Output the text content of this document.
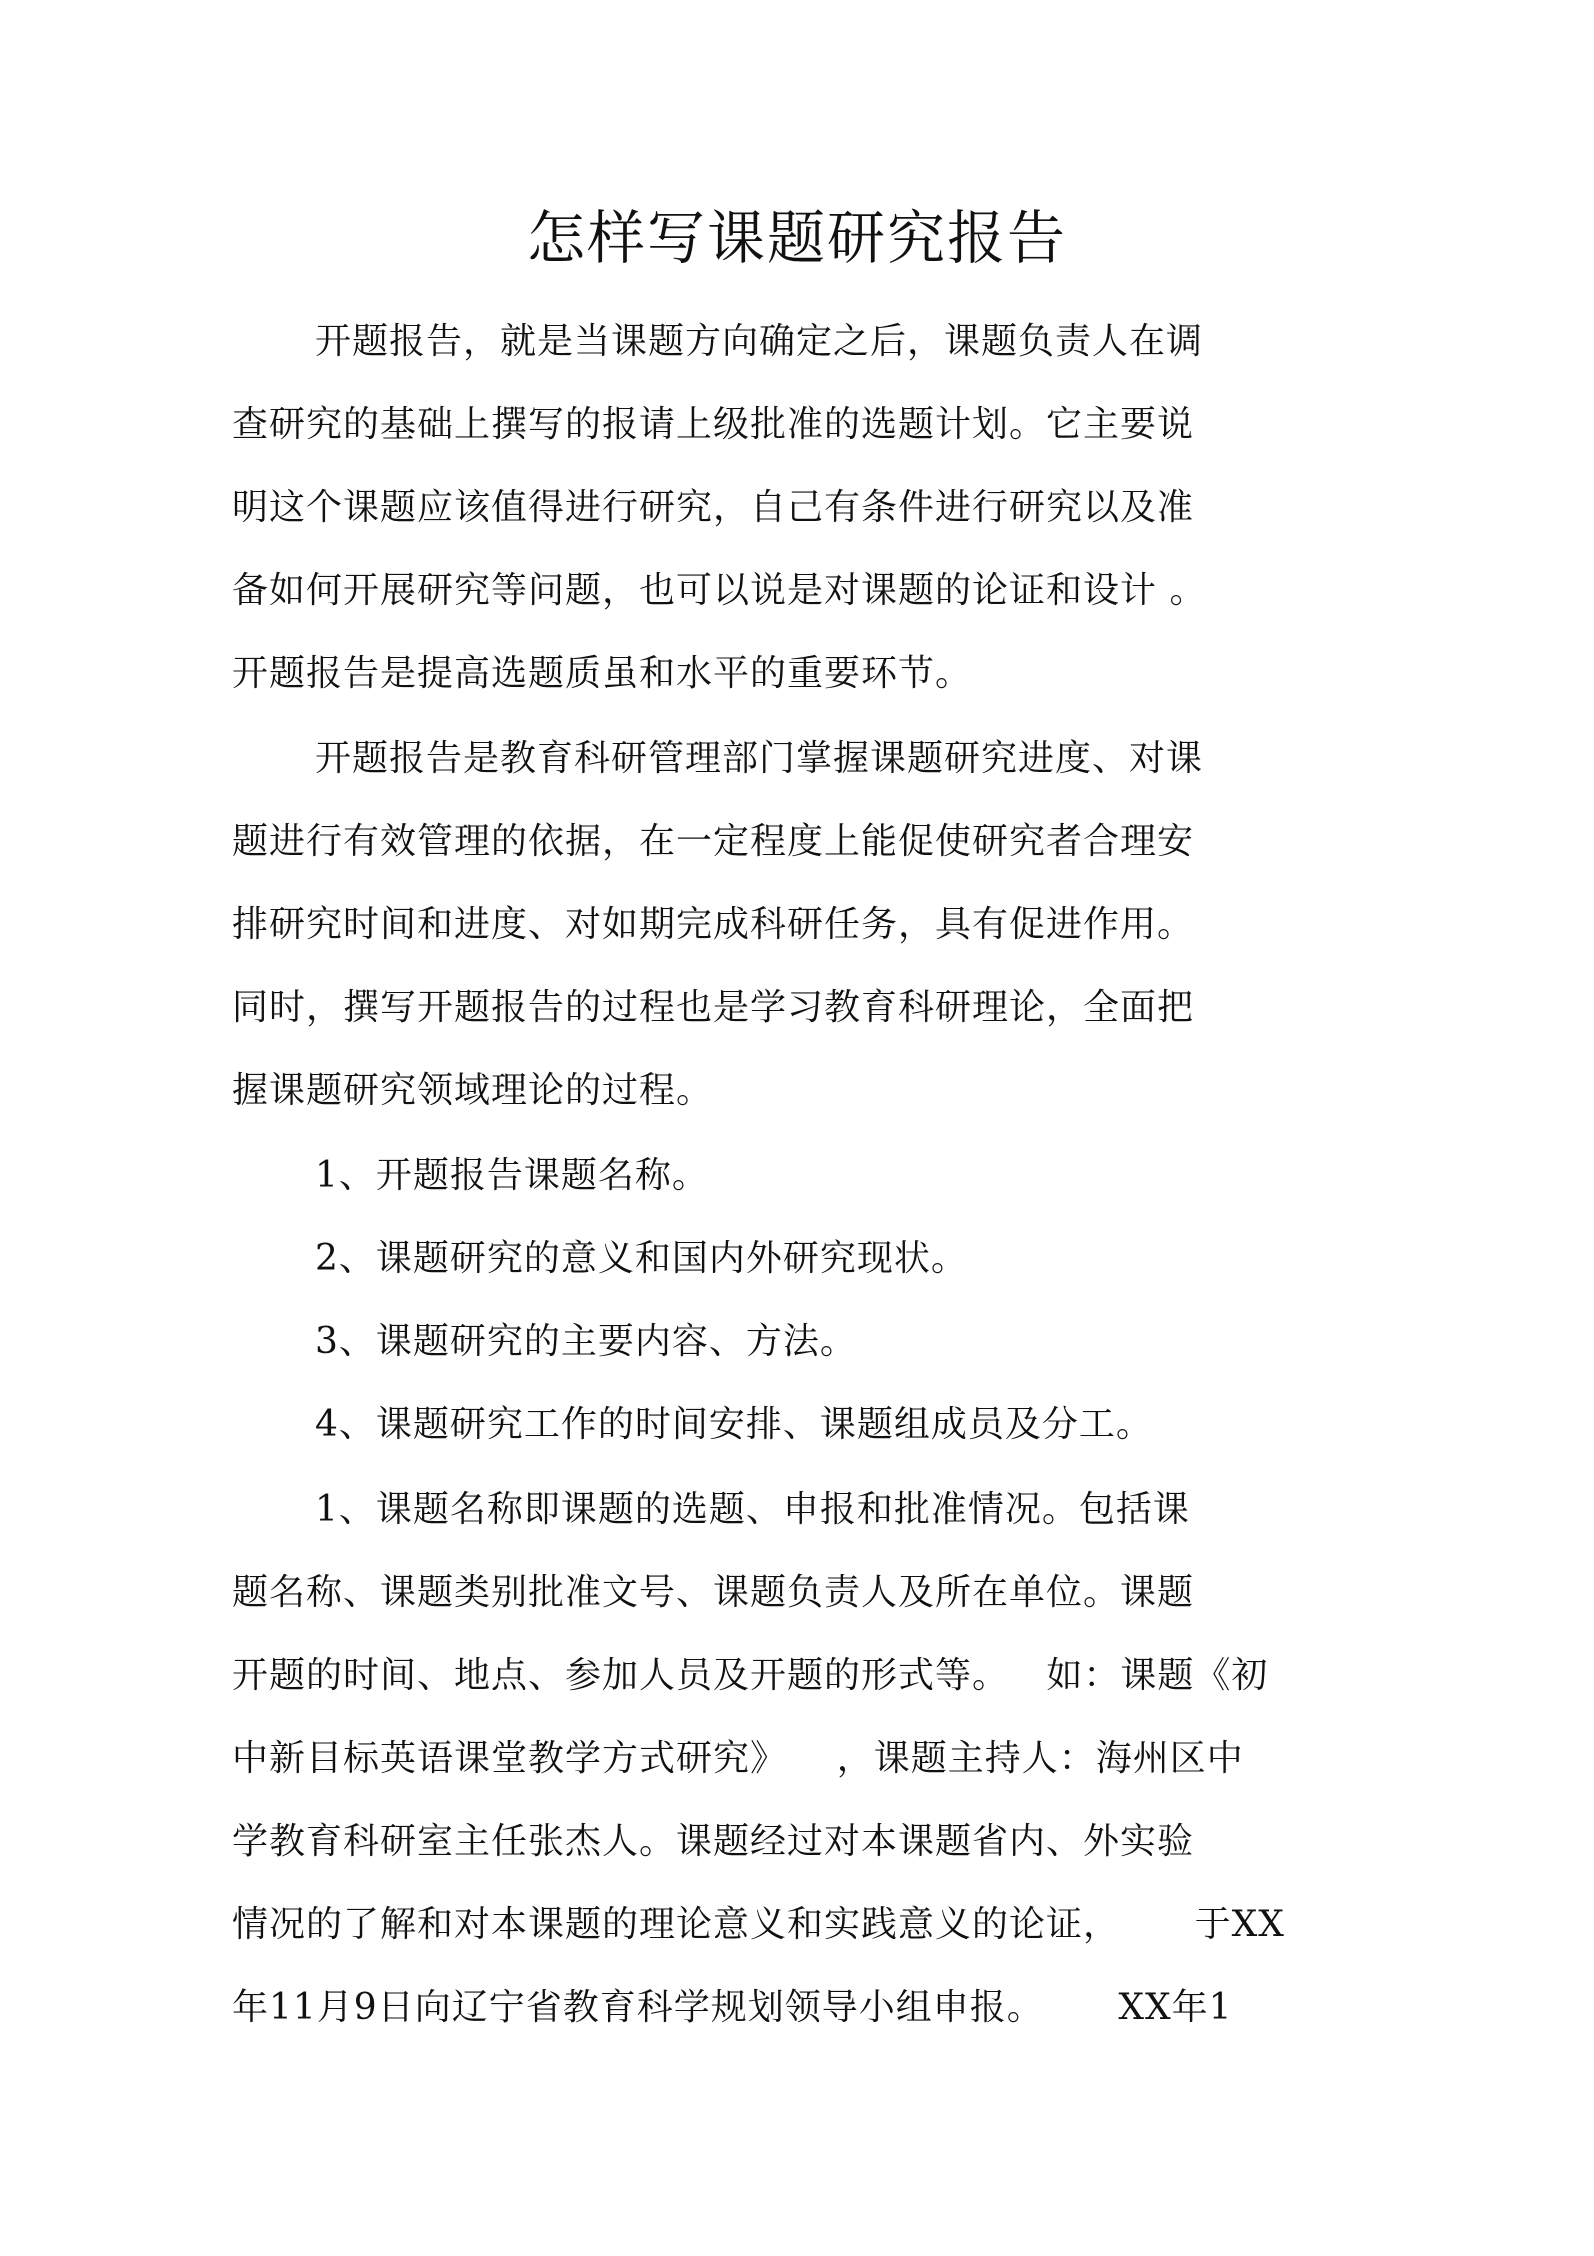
怎样写课题研究报告
开题报告，就是当课题方向确定之后，课题负责人在调
查研究的基础上撰写的报请上级批准的选题计划。它主要说
明这个课题应该值得进行研究，自己有条件进行研究以及准
备如何开展研究等问题，也可以说是对课题的论证和设计 。
开题报告是提高选题质虽和水平的重要环节。
开题报告是教育科研管理部门掌握课题研究进度、对课
题进行有效管理的依据，在一定程度上能促使研究者合理安
排研究时间和进度、对如期完成科研任务，具有促进作用。
同时，撰写开题报告的过程也是学习教育科研理论，全面把
握课题研究领域理论的过程。
1、开题报告课题名称。
2、课题研究的意义和国内外研究现状。
3、课题研究的主要内容、方法。
4、课题研究工作的时间安排、课题组成员及分工。
1、课题名称即课题的选题、申报和批准情况。包括课
题名称、课题类别批准文号、课题负责人及所在单位。课题
开题的时间、地点、参加人员及开题的形式等。   如：课题《初
中新目标英语课堂教学方式研究》    ，课题主持人：海州区中
学教育科研室主任张杰人。课题经过对本课题省内、外实验
情况的了解和对本课题的理论意义和实践意义的论证，      于XX
年11月9日向辽宁省教育科学规划领导小组申报。      XX年1
